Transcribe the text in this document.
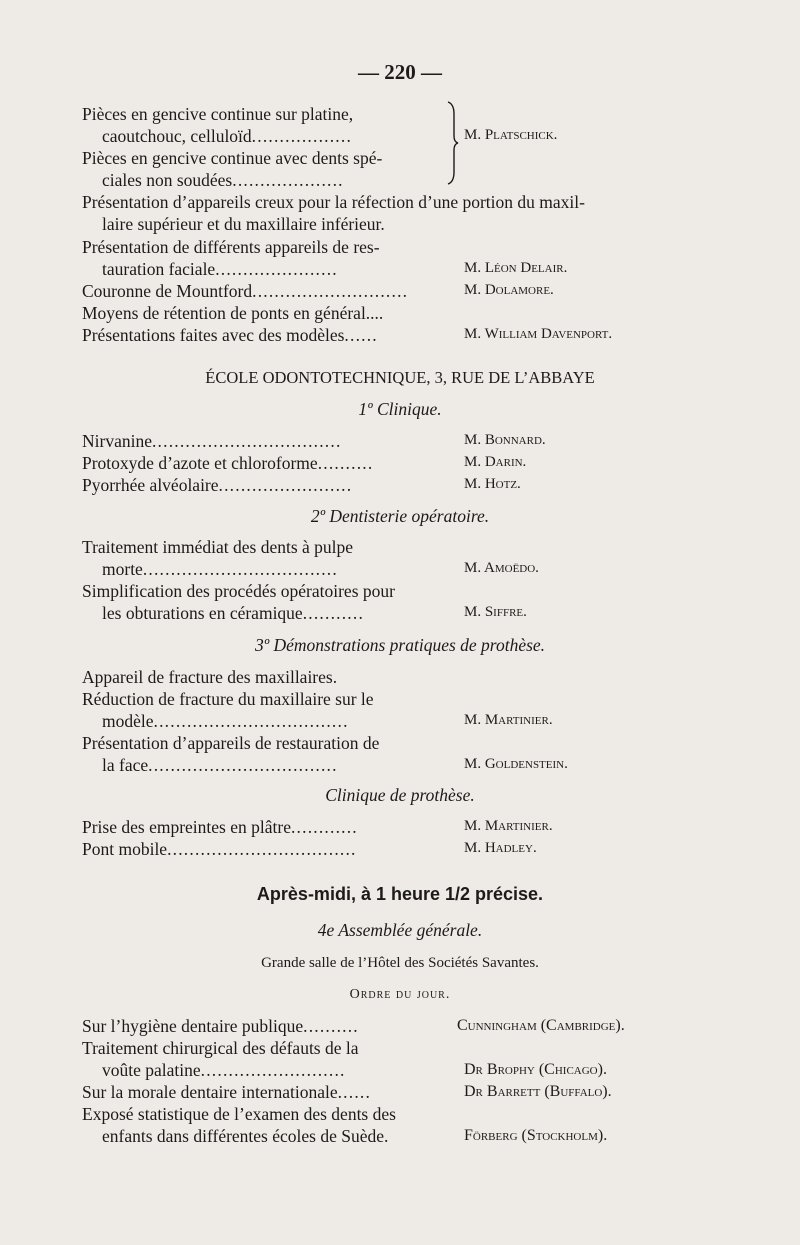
— 220 —
Pièces en gencive continue sur platine,
caoutchouc, celluloïd..................
Pièces en gencive continue avec dents spé-
ciales non soudées....................
M. Platschick.
Présentation d’appareils creux pour la réfection d’une portion du maxil-
laire supérieur et du maxillaire inférieur.
Présentation de différents appareils de res-
tauration faciale......................	M. Léon Delair.
Couronne de Mountford............................	M. Dolamore.
Moyens de rétention de ponts en général....
Présentations faites avec des modèles......	M. William Davenport.
ÉCOLE ODONTOTECHNIQUE, 3, RUE DE L’ABBAYE
1º Clinique.
Nirvanine..................................	M. Bonnard.
Protoxyde d’azote et chloroforme..........	M. Darin.
Pyorrhée alvéolaire........................	M. Hotz.
2º Dentisterie opératoire.
Traitement immédiat des dents à pulpe
morte...................................	M. Amoëdo.
Simplification des procédés opératoires pour
les obturations en céramique...........	M. Siffre.
3º Démonstrations pratiques de prothèse.
Appareil de fracture des maxillaires.
Réduction de fracture du maxillaire sur le
modèle...................................	M. Martinier.
Présentation d’appareils de restauration de
la face..................................	M. Goldenstein.
Clinique de prothèse.
Prise des empreintes en plâtre............	M. Martinier.
Pont mobile..................................	M. Hadley.
Après-midi, à 1 heure 1/2 précise.
4e Assemblée générale.
Grande salle de l’Hôtel des Sociétés Savantes.
Ordre du jour.
Sur l’hygiène dentaire publique..........	Cunningham (Cambridge).
Traitement chirurgical des défauts de la
voûte palatine..........................	Dr Brophy (Chicago).
Sur la morale dentaire internationale......	Dr Barrett (Buffalo).
Exposé statistique de l’examen des dents des
enfants dans différentes écoles de Suède.	Förberg (Stockholm).
